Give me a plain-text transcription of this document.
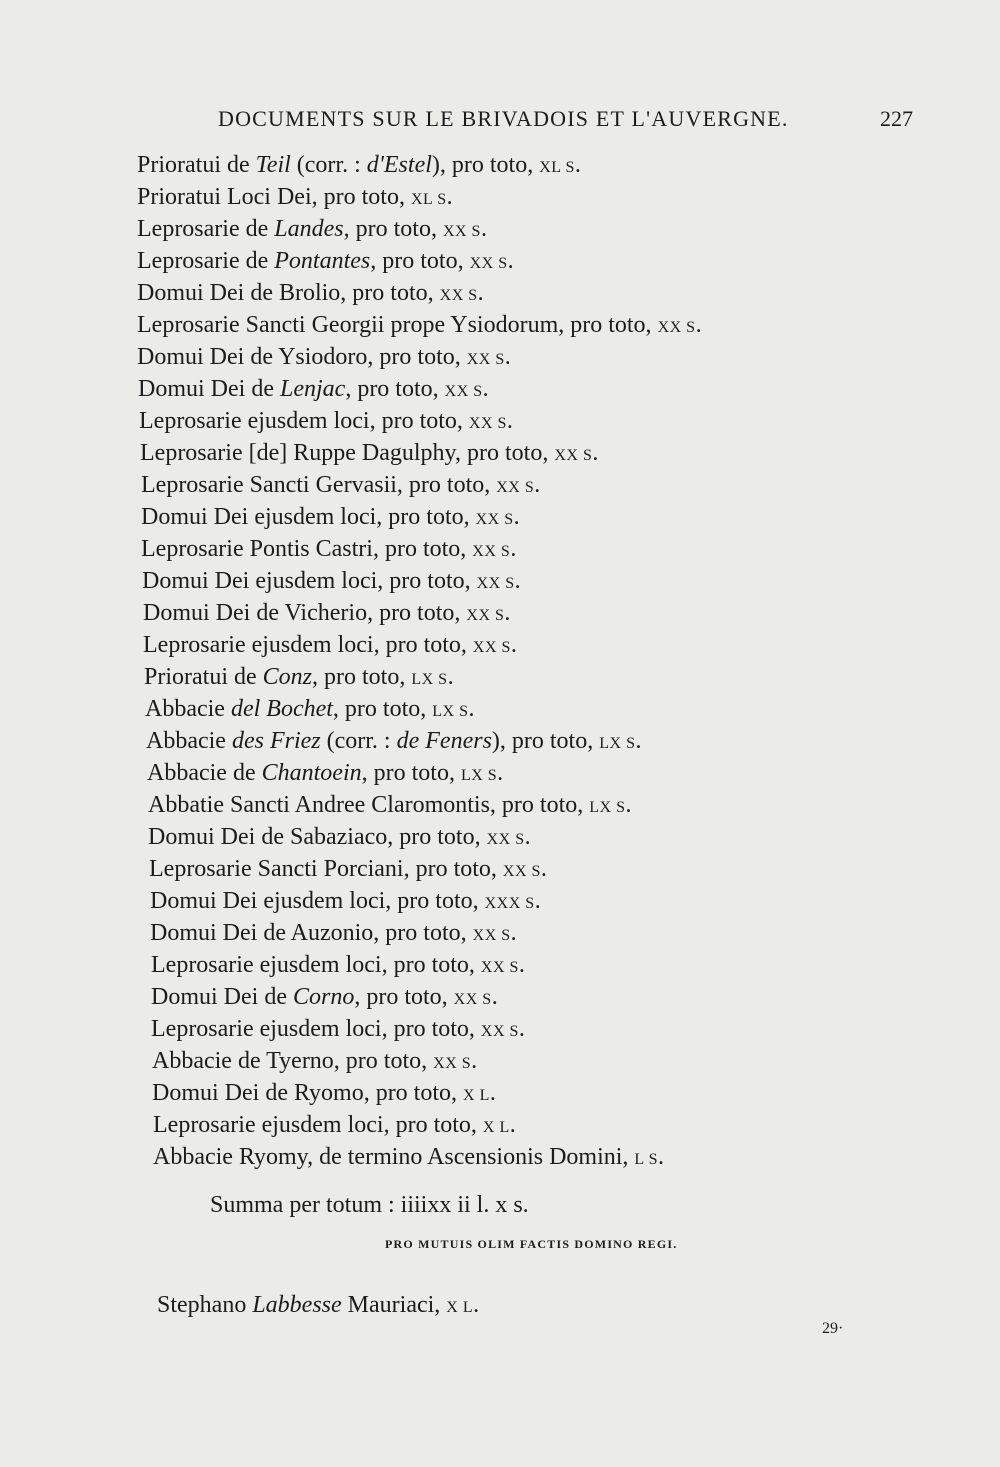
DOCUMENTS SUR LE BRIVADOIS ET L'AUVERGNE.	227
Prioratui de Teil (corr. : d'Estel), pro toto, XL S.
Prioratui Loci Dei, pro toto, XL S.
Leprosarie de Landes, pro toto, XX S.
Leprosarie de Pontantes, pro toto, XX S.
Domui Dei de Brolio, pro toto, XX S.
Leprosarie Sancti Georgii prope Ysiodorum, pro toto, XX S.
Domui Dei de Ysiodoro, pro toto, XX S.
Domui Dei de Lenjac, pro toto, XX S.
Leprosarie ejusdem loci, pro toto, XX S.
Leprosarie [de] Ruppe Dagulphy, pro toto, XX S.
Leprosarie Sancti Gervasii, pro toto, XX S.
Domui Dei ejusdem loci, pro toto, XX S.
Leprosarie Pontis Castri, pro toto, XX S.
Domui Dei ejusdem loci, pro toto, XX S.
Domui Dei de Vicherio, pro toto, XX S.
Leprosarie ejusdem loci, pro toto, XX S.
Prioratui de Conz, pro toto, LX S.
Abbacie del Bochet, pro toto, LX S.
Abbacie des Friez (corr. : de Feners), pro toto, LX S.
Abbacie de Chantoein, pro toto, LX S.
Abbatie Sancti Andree Claromontis, pro toto, LX S.
Domui Dei de Sabaziaco, pro toto, XX S.
Leprosarie Sancti Porciani, pro toto, XX S.
Domui Dei ejusdem loci, pro toto, XXX S.
Domui Dei de Auzonio, pro toto, XX S.
Leprosarie ejusdem loci, pro toto, XX S.
Domui Dei de Corno, pro toto, XX S.
Leprosarie ejusdem loci, pro toto, XX S.
Abbacie de Tyerno, pro toto, XX S.
Domui Dei de Ryomo, pro toto, X L.
Leprosarie ejusdem loci, pro toto, X L.
Abbacie Ryomy, de termino Ascensionis Domini, L S.
Summa per totum : iiiixx ii l. x s.
PRO MUTUIS OLIM FACTIS DOMINO REGI.
Stephano Labbesse Mauriaci, X L.
29·
